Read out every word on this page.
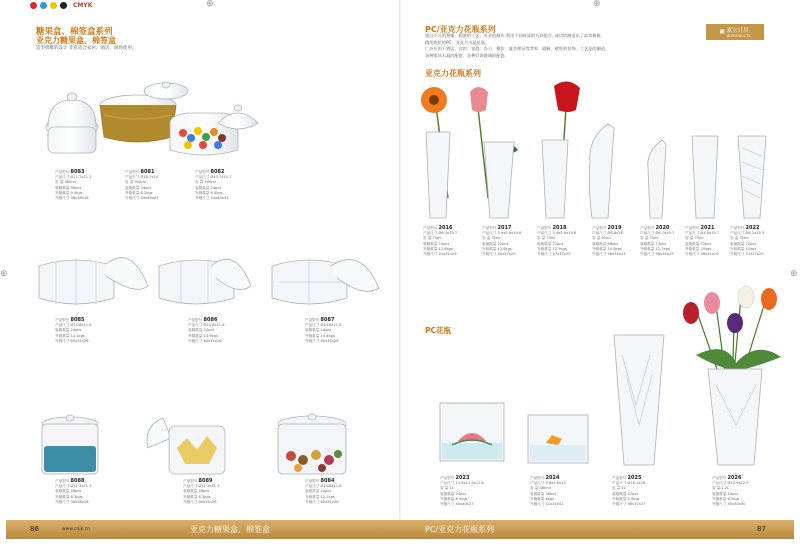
⊕	⊕
⊕	⊕
CMYK
糖果盒、棉签盒系列
亚克力糖果盒、棉签盒
造型典雅的设计 非常适合家居、酒店、商场使用。
PC/亚克力花瓶系列
通过不凡的想像、精湛的工艺、专业的制作,利用不同材质的巧妙组合, 成功的制造出了高贵典雅、
精美绝伦的PC、亚克力水晶花瓶。
广泛应用于酒店、宾馆、家庭、办公、餐饮、宴会理证等等家、隔断、壁柜的装饰、工艺品的制造、
各种家具水晶的配套、各种灯饰玻璃的配套。
亚克力花瓶系列
PC花瓶
▣ 嘉宝日用
JB PRODUCTS
产品型号 8083
产品尺寸 Ø11.7x11.3
容 量 380ml
装箱数量 36pcs
外箱重量 9.4kgs
外箱尺寸 38x38x38
产品型号 8081
产品尺寸 Ø18.7x14
容 量 900ml
装箱数量 24pcs
外箱重量 8.2kgs
外箱尺寸 49x49x41
产品型号 8082
产品尺寸 Ø13.7x15.7
容 量 500ml
装箱数量 24pcs
外箱重量 9.4kgs
外箱尺寸 44x44x33
产品型号 8085
产品尺寸 Ø14.8x11.8
装箱数量 24pcs
外箱重量 14.1kgs
外箱尺寸 60x31x26
产品型号 8086
产品尺寸 Ø14.8x11.8
装箱数量 24pcs
外箱重量 13.9kgs
外箱尺寸 60x31x26
产品型号 8087
产品尺寸 Ø14.8x11.8
装箱数量 24pcs
外箱重量 14.4kgs
外箱尺寸 60x31x26
产品型号 8088
产品尺寸 Ø11.3x11.3
装箱数量 48pcs
外箱重量 8.3kgs
外箱尺寸 38x38x26
产品型号 8089
产品尺寸 Ø11.3x11.3
装箱数量 48pcs
外箱重量 8.3kgs
外箱尺寸 46x35x26
产品型号 8084
产品尺寸 Ø14.8x11.8
装箱数量 24pcs
外箱重量 12.1kgs
外箱尺寸 60x31x26
产品型号 2016
产品尺寸 Ø6.3x19.7
容 量 75ml
装箱数量 72pcs
外箱重量 12.8kgs
外箱尺寸 41x41x29
产品型号 2017
产品尺寸 5.9x5.9x19.8
容 量 75ml
装箱数量 72pcs
外箱重量 12.8kgs
外箱尺寸 40x27x29
产品型号 2018
产品尺寸 5.9x5.9x19.8
容 量 75ml
装箱数量 72pcs
外箱重量 12.9kgs
外箱尺寸 37x37x29
产品型号 2019
产品尺寸 Ø6.8x18
容 量 65ml
装箱数量 96pcs
外箱重量 14.9kgs
外箱尺寸 46x35x24
产品型号 2020
产品尺寸 Ø6.7x19.7
容 量 75ml
装箱数量 72pcs
外箱重量 12.7kgs
外箱尺寸 36x35x29
产品型号 2021
产品尺寸 Ø4.9x19.7
容 量 75ml
装箱数量 72pcs
外箱重量 10kgs
外箱尺寸 46x41x29
产品型号 2022
产品尺寸 Ø6.2x15.3
容 量 75ml
装箱数量 72pcs
外箱重量 11kgs
外箱尺寸 37x27x29
产品型号 2023
产品尺寸 11.9x11.9x11.8
容 量 1L
装箱数量 24pcs
外箱重量 8.5kgs
外箱尺寸 40x40x27
产品型号 2024
产品尺寸 9.8x9.8x10
容 量 480ml
装箱数量 36pcs
外箱重量 6kgs
外箱尺寸 41x31x41
产品型号 2025
产品尺寸 Ø10.1x26
容 量 1L
装箱数量 12pcs
外箱重量 5.9kgs
外箱尺寸 36x37x27
产品型号 2026
产品尺寸 Ø13.9x22.9
容 量 1.2L
装箱数量 12pcs
外箱重量 6.5kgs
外箱尺寸 40x50x30
86	www.cnjk.cn	亚克力糖果盒、棉签盒	PC/亚克力花瓶系列	87
